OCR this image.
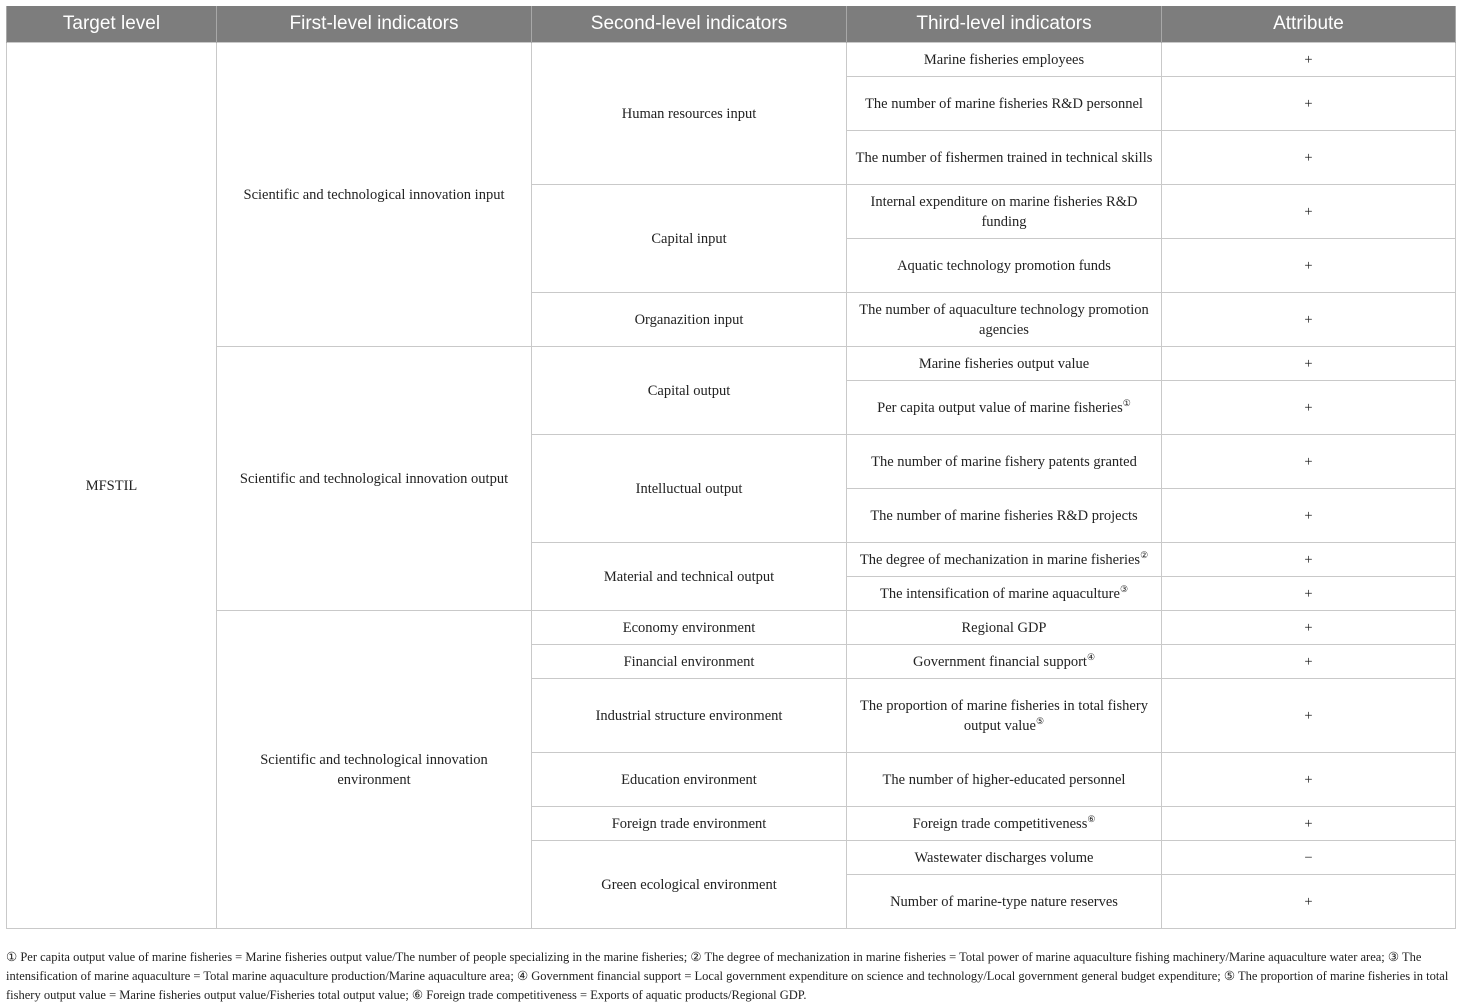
Target level	First-level indicators	Second-level indicators	Third-level indicators	Attribute
MFSTIL	Scientific and technological innovation input	Human resources input	Marine fisheries employees	+
			The number of marine fisheries R&D personnel	+
			The number of fishermen trained in technical skills	+
		Capital input	Internal expenditure on marine fisheries R&D funding	+
			Aquatic technology promotion funds	+
		Organazition input	The number of aquaculture technology promotion agencies	+
	Scientific and technological innovation output	Capital output	Marine fisheries output value	+
			Per capita output value of marine fisheries①	+
		Intelluctual output	The number of marine fishery patents granted	+
			The number of marine fisheries R&D projects	+
		Material and technical output	The degree of mechanization in marine fisheries②	+
			The intensification of marine aquaculture③	+
	Scientific and technological innovation environment	Economy environment	Regional GDP	+
		Financial environment	Government financial support④	+
		Industrial structure environment	The proportion of marine fisheries in total fishery output value⑤	+
		Education environment	The number of higher-educated personnel	+
		Foreign trade environment	Foreign trade competitiveness⑥	+
		Green ecological environment	Wastewater discharges volume	−
			Number of marine-type nature reserves	+

① Per capita output value of marine fisheries = Marine fisheries output value/The number of people specializing in the marine fisheries; ② The degree of mechanization in marine fisheries = Total power of marine aquaculture fishing machinery/Marine aquaculture water area; ③ The intensification of marine aquaculture = Total marine aquaculture production/Marine aquaculture area; ④ Government financial support = Local government expenditure on science and technology/Local government general budget expenditure; ⑤ The proportion of marine fisheries in total fishery output value = Marine fisheries output value/Fisheries total output value; ⑥ Foreign trade competitiveness = Exports of aquatic products/Regional GDP.
